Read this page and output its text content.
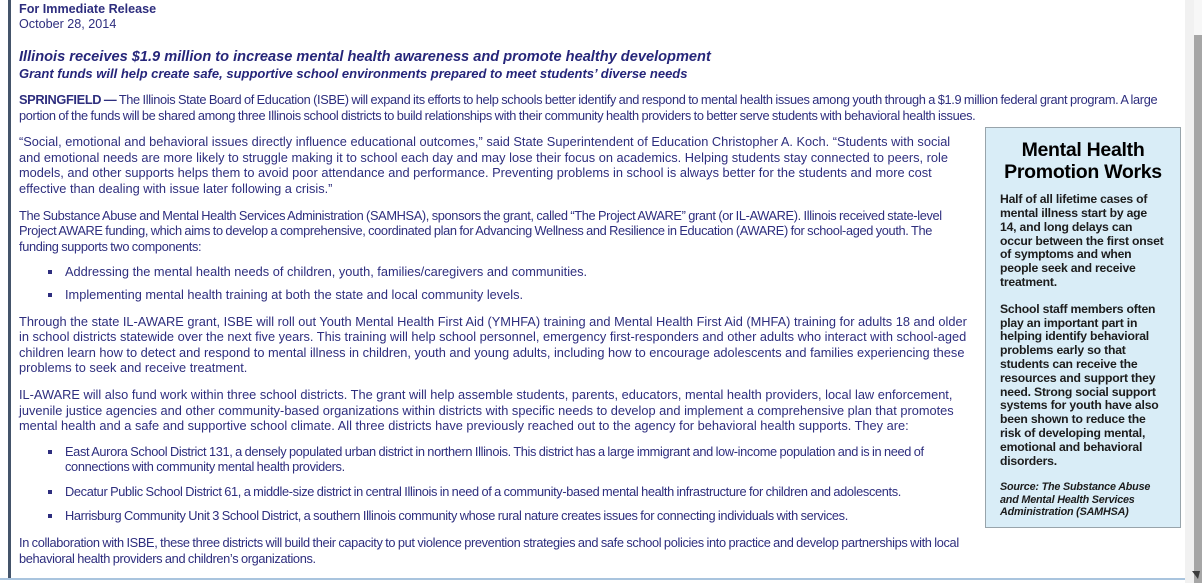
For Immediate Release
October 28, 2014
Illinois receives $1.9 million to increase mental health awareness and promote healthy development
Grant funds will help create safe, supportive school environments prepared to meet students’ diverse needs

SPRINGFIELD — The Illinois State Board of Education (ISBE) will expand its efforts to help schools better identify and respond to mental health issues among youth through a $1.9 million federal grant program. A large portion of the funds will be shared among three Illinois school districts to build relationships with their community health providers to better serve students with behavioral health issues.

Mental Health
Promotion Works

Half of all lifetime cases of mental illness start by age 14, and long delays can occur between the first onset of symptoms and when people seek and receive treatment.

School staff members often play an important part in helping identify behavioral problems early so that students can receive the resources and support they need. Strong social support systems for youth have also been shown to reduce the risk of developing mental, emotional and behavioral disorders.

Source: The Substance Abuse and Mental Health Services Administration (SAMHSA)

“Social, emotional and behavioral issues directly influence educational outcomes,” said State Superintendent of Education Christopher A. Koch. “Students with social and emotional needs are more likely to struggle making it to school each day and may lose their focus on academics. Helping students stay connected to peers, role models, and other supports helps them to avoid poor attendance and performance. Preventing problems in school is always better for the students and more cost effective than dealing with issue later following a crisis.”

The Substance Abuse and Mental Health Services Administration (SAMHSA), sponsors the grant, called “The Project AWARE” grant (or IL-AWARE). Illinois received state-level Project AWARE funding, which aims to develop a comprehensive, coordinated plan for Advancing Wellness and Resilience in Education (AWARE) for school-aged youth. The funding supports two components:

Addressing the mental health needs of children, youth, families/caregivers and communities.
Implementing mental health training at both the state and local community levels.

Through the state IL-AWARE grant, ISBE will roll out Youth Mental Health First Aid (YMHFA) training and Mental Health First Aid (MHFA) training for adults 18 and older in school districts statewide over the next five years. This training will help school personnel, emergency first-responders and other adults who interact with school-aged children learn how to detect and respond to mental illness in children, youth and young adults, including how to encourage adolescents and families experiencing these problems to seek and receive treatment.

IL-AWARE will also fund work within three school districts. The grant will help assemble students, parents, educators, mental health providers, local law enforcement, juvenile justice agencies and other community-based organizations within districts with specific needs to develop and implement a comprehensive plan that promotes mental health and a safe and supportive school climate. All three districts have previously reached out to the agency for behavioral health supports. They are:

East Aurora School District 131, a densely populated urban district in northern Illinois. This district has a large immigrant and low-income population and is in need of connections with community mental health providers.
Decatur Public School District 61, a middle-size district in central Illinois in need of a community-based mental health infrastructure for children and adolescents.
Harrisburg Community Unit 3 School District, a southern Illinois community whose rural nature creates issues for connecting individuals with services.

In collaboration with ISBE, these three districts will build their capacity to put violence prevention strategies and safe school policies into practice and develop partnerships with local behavioral health providers and children’s organizations.
